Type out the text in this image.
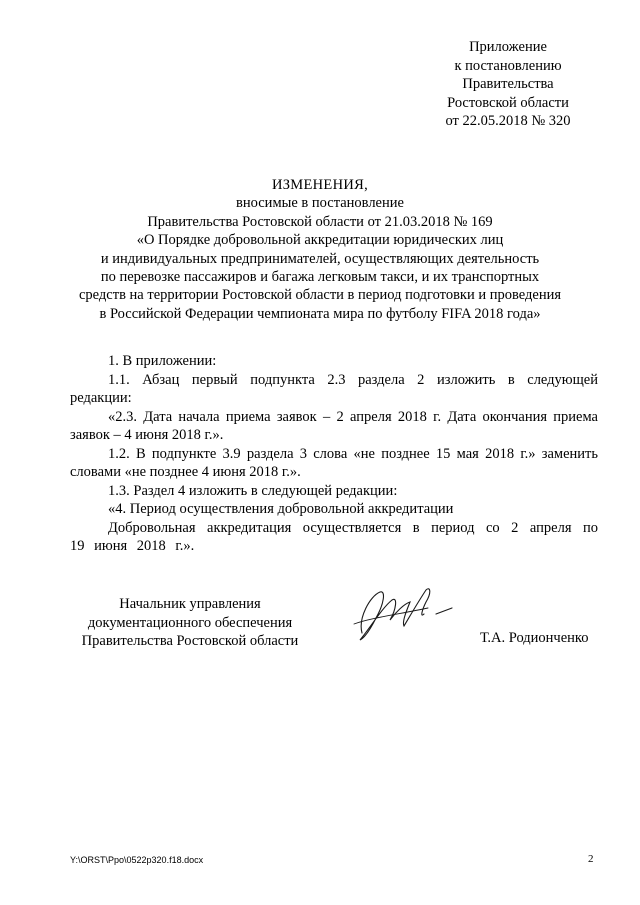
Приложение
к постановлению
Правительства
Ростовской области
от 22.05.2018 № 320
ИЗМЕНЕНИЯ,
вносимые в постановление
Правительства Ростовской области от 21.03.2018 № 169
«О Порядке добровольной аккредитации юридических лиц
и индивидуальных предпринимателей, осуществляющих деятельность
по перевозке пассажиров и багажа легковым такси, и их транспортных
средств на территории Ростовской области в период подготовки и проведения
в Российской Федерации чемпионата мира по футболу FIFA 2018 года»
1. В приложении:
1.1. Абзац первый подпункта 2.3 раздела 2 изложить в следующей редакции:
«2.3. Дата начала приема заявок – 2 апреля 2018 г. Дата окончания приема заявок – 4 июня 2018 г.».
1.2. В подпункте 3.9 раздела 3 слова «не позднее 15 мая 2018 г.» заменить словами «не позднее 4 июня 2018 г.».
1.3. Раздел 4 изложить в следующей редакции:
«4. Период осуществления добровольной аккредитации
Добровольная аккредитация осуществляется в период со 2 апреля по 19 июня 2018 г.».
Начальник управления
документационного обеспечения
Правительства Ростовской области	Т.А. Родионченко
Y:\ORST\Ppo\0522p320.f18.docx	2
